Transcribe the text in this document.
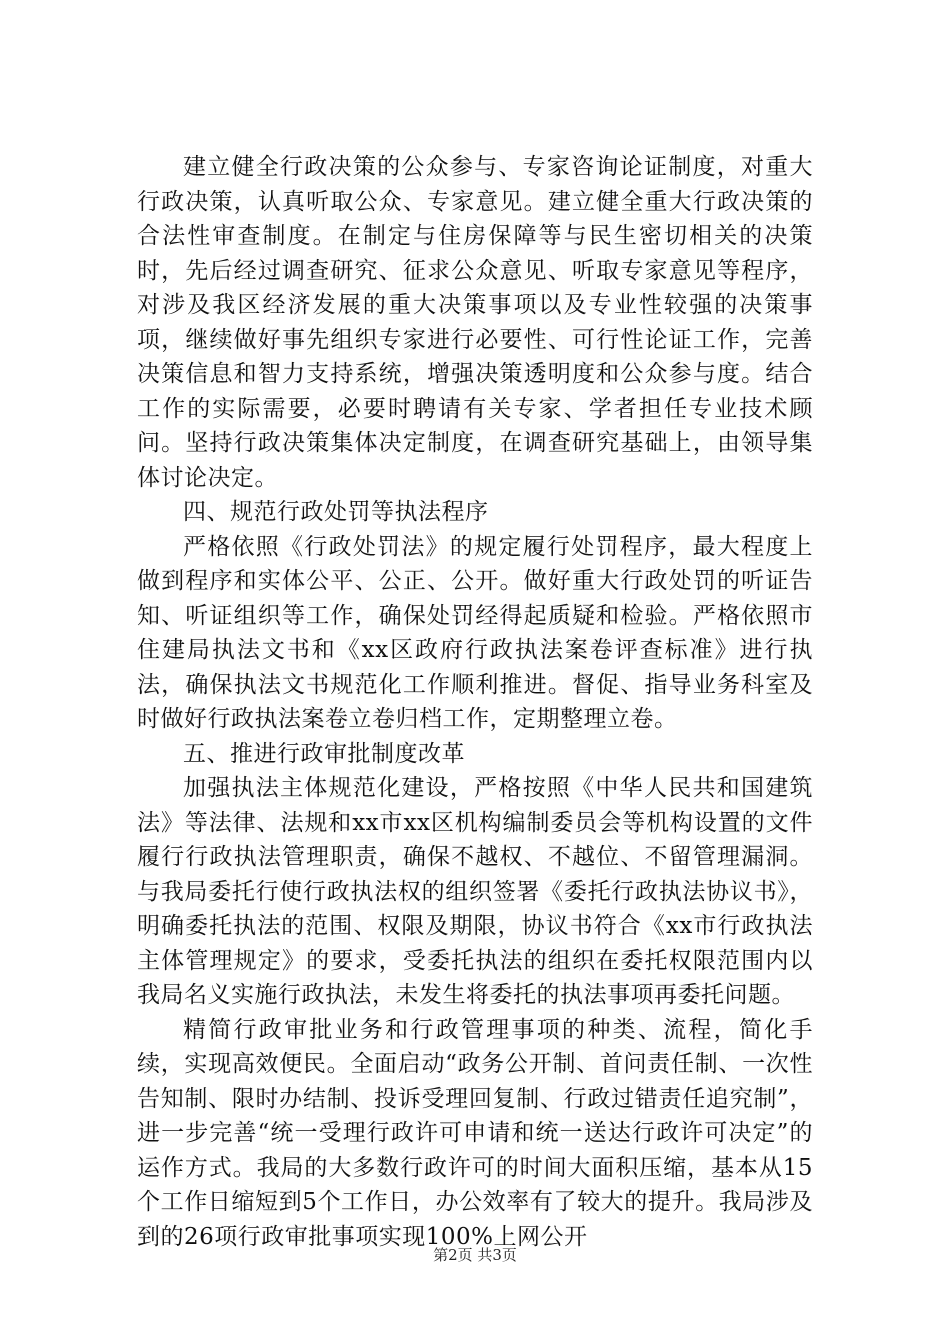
建立健全行政决策的公众参与、专家咨询论证制度，对重大行政决策，认真听取公众、专家意见。建立健全重大行政决策的合法性审查制度。在制定与住房保障等与民生密切相关的决策时，先后经过调查研究、征求公众意见、听取专家意见等程序，对涉及我区经济发展的重大决策事项以及专业性较强的决策事项，继续做好事先组织专家进行必要性、可行性论证工作，完善决策信息和智力支持系统，增强决策透明度和公众参与度。结合工作的实际需要，必要时聘请有关专家、学者担任专业技术顾问。坚持行政决策集体决定制度，在调查研究基础上，由领导集体讨论决定。

四、规范行政处罚等执法程序

严格依照《行政处罚法》的规定履行处罚程序，最大程度上做到程序和实体公平、公正、公开。做好重大行政处罚的听证告知、听证组织等工作，确保处罚经得起质疑和检验。严格依照市住建局执法文书和《xx区政府行政执法案卷评查标准》进行执法，确保执法文书规范化工作顺利推进。督促、指导业务科室及时做好行政执法案卷立卷归档工作，定期整理立卷。

五、推进行政审批制度改革

加强执法主体规范化建设，严格按照《中华人民共和国建筑法》等法律、法规和xx市xx区机构编制委员会等机构设置的文件履行行政执法管理职责，确保不越权、不越位、不留管理漏洞。与我局委托行使行政执法权的组织签署《委托行政执法协议书》，明确委托执法的范围、权限及期限，协议书符合《xx市行政执法主体管理规定》的要求，受委托执法的组织在委托权限范围内以我局名义实施行政执法，未发生将委托的执法事项再委托问题。

精简行政审批业务和行政管理事项的种类、流程，简化手续，实现高效便民。全面启动“政务公开制、首问责任制、一次性告知制、限时办结制、投诉受理回复制、行政过错责任追究制”，进一步完善“统一受理行政许可申请和统一送达行政许可决定”的运作方式。我局的大多数行政许可的时间大面积压缩，基本从15个工作日缩短到5个工作日，办公效率有了较大的提升。我局涉及到的26项行政审批事项实现100%上网公开

第2页 共3页
